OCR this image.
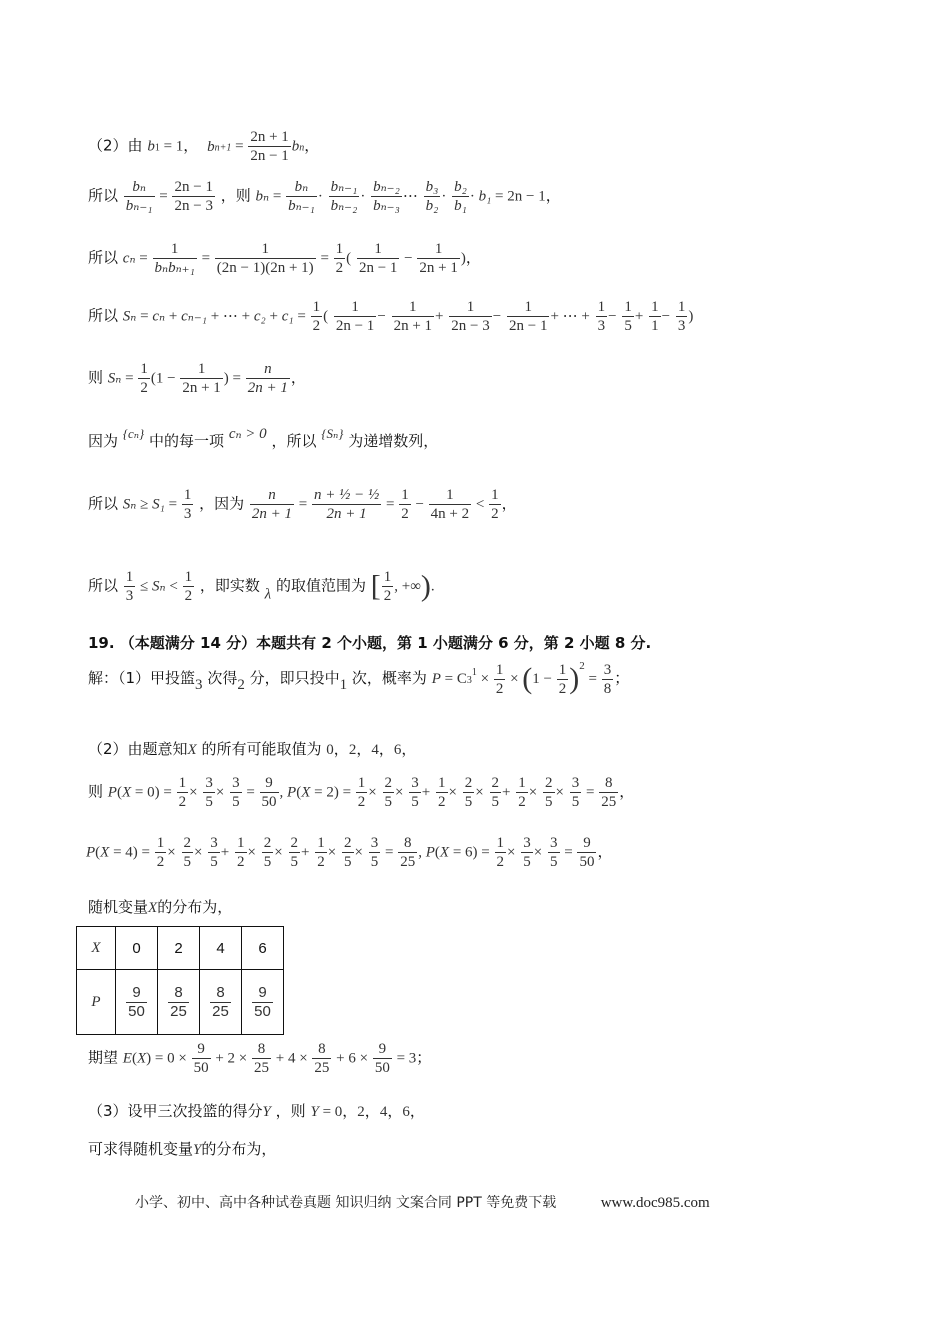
（2）由 b1 = 1， $bn+1 = \frac{2n + 1}{2n - 1}$ bn，
所以 $\frac{\text{bₙ}}{\text{bₙ₋₁}} = \frac{2n - 1}{2n - 3}$ ，则 $b_n = \frac{\text{bₙ}}{\text{bₙ₋₁}} \cdot \frac{\text{bₙ₋₁}}{\text{bₙ₋₂}} \cdot \frac{\text{bₙ₋₂}}{\text{bₙ₋₃}}$ ⋯ $\frac{\text{b₃}}{\text{b₂}} \cdot \frac{\text{b₂}}{\text{b₁}} \cdot b_1 = 2n - 1$，
所以 $c_n = \frac{1}{\text{bₙbₙ₊₁}} = \frac{1}{(2n - 1)(2n + 1)} = \frac{1}{2}$ ( $\frac{1}{2n - 1} - \frac{1}{2n + 1}$ )，
所以 Sₙ = cₙ + cₙ₋₁ + ⋯ + $c_2 + c_1 = \frac{1}{2}$ ( $\frac{1}{2n - 1} - \frac{1}{2n + 1} + \frac{1}{2n - 3} - \frac{1}{2n - 1}$ + ⋯ + $\frac{1}{3} - \frac{1}{5} + \frac{1}{1} - \frac{1}{3}$ )
则 $S_n = \frac{1}{2} (1 - \frac{1}{2n + 1}$ ) = $\frac{n}{2n + 1}$ ，
因为 {cₙ} 中的每一项 cₙ > 0 ，所以 {Sₙ} 为递增数列，
所以 $S_n \ge S_1 = \frac{1}{3}$ ，因为 $\frac{n}{2n + 1} = \frac{\text{n + ½ − ½}}{2n + 1} = \frac{1}{2} - \frac{1}{4n + 2} < \frac{1}{2}$ ，
所以 $\frac{1}{3} \le S_n < \frac{1}{2}$ ，即实数 λ 的取值范围为 [ $\frac{1}{2}$ , +∞).
19. （本题满分 14 分）本题共有 2 个小题，第 1 小题满分 6 分，第 2 小题 8 分.
解：（1）甲投篮3 次得2 分，即只投中1 次，概率为 $P = C3^1 \times \frac{1}{2} \times (1 - \frac{1}{2} )^2 = \frac{3}{8}$ ；
（2）由题意知X 的所有可能取值为 0，2，4，6，
则 $P(X = 0) = \frac{1}{2} \times \frac{3}{5} \times \frac{3}{5} = \frac{9}{50}$ , $P(X = 2) = \frac{1}{2} \times \frac{2}{5} \times \frac{3}{5} + \frac{1}{2} \times \frac{2}{5} \times \frac{2}{5} + \frac{1}{2} \times \frac{2}{5} \times \frac{3}{5} = \frac{8}{25}$ ，
$P(X = 4) = \frac{1}{2} \times \frac{2}{5} \times \frac{3}{5} + \frac{1}{2} \times \frac{2}{5} \times \frac{2}{5} + \frac{1}{2} \times \frac{2}{5} \times \frac{3}{5} = \frac{8}{25}$ , $P(X = 6) = \frac{1}{2} \times \frac{3}{5} \times \frac{3}{5} = \frac{9}{50}$ ，
随机变量X的分布为，
X	0	2	4	6
P	$\frac{9}{50}$	$\frac{8}{25}$	$\frac{8}{25}$	$\frac{9}{50}$
期望 $E(X) = 0 \times \frac{9}{50} + 2 \times \frac{8}{25} + 4 \times \frac{8}{25} + 6 \times \frac{9}{50} = 3$；
（3）设甲三次投篮的得分Y ，则 Y = 0，2，4，6，
可求得随机变量Y的分布为，
小学、初中、高中各种试卷真题 知识归纳 文案合同 PPT 等免费下载	www.doc985.com
